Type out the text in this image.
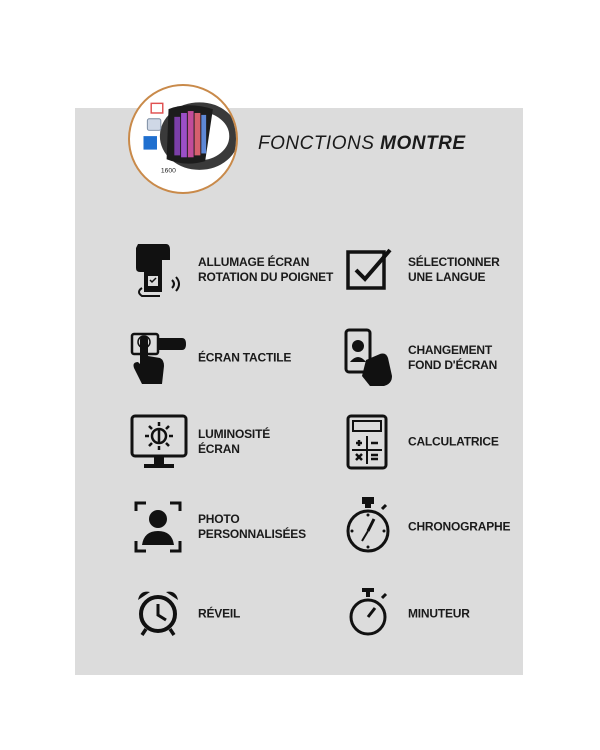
1600
FONCTIONS MONTRE
ALLUMAGE ÉCRAN
ROTATION DU POIGNET
SÉLECTIONNER
UNE LANGUE
ÉCRAN TACTILE
CHANGEMENT
FOND D'ÉCRAN
LUMINOSITÉ
ÉCRAN
CALCULATRICE
PHOTO
PERSONNALISÉES
CHRONOGRAPHE
RÉVEIL	MINUTEUR
